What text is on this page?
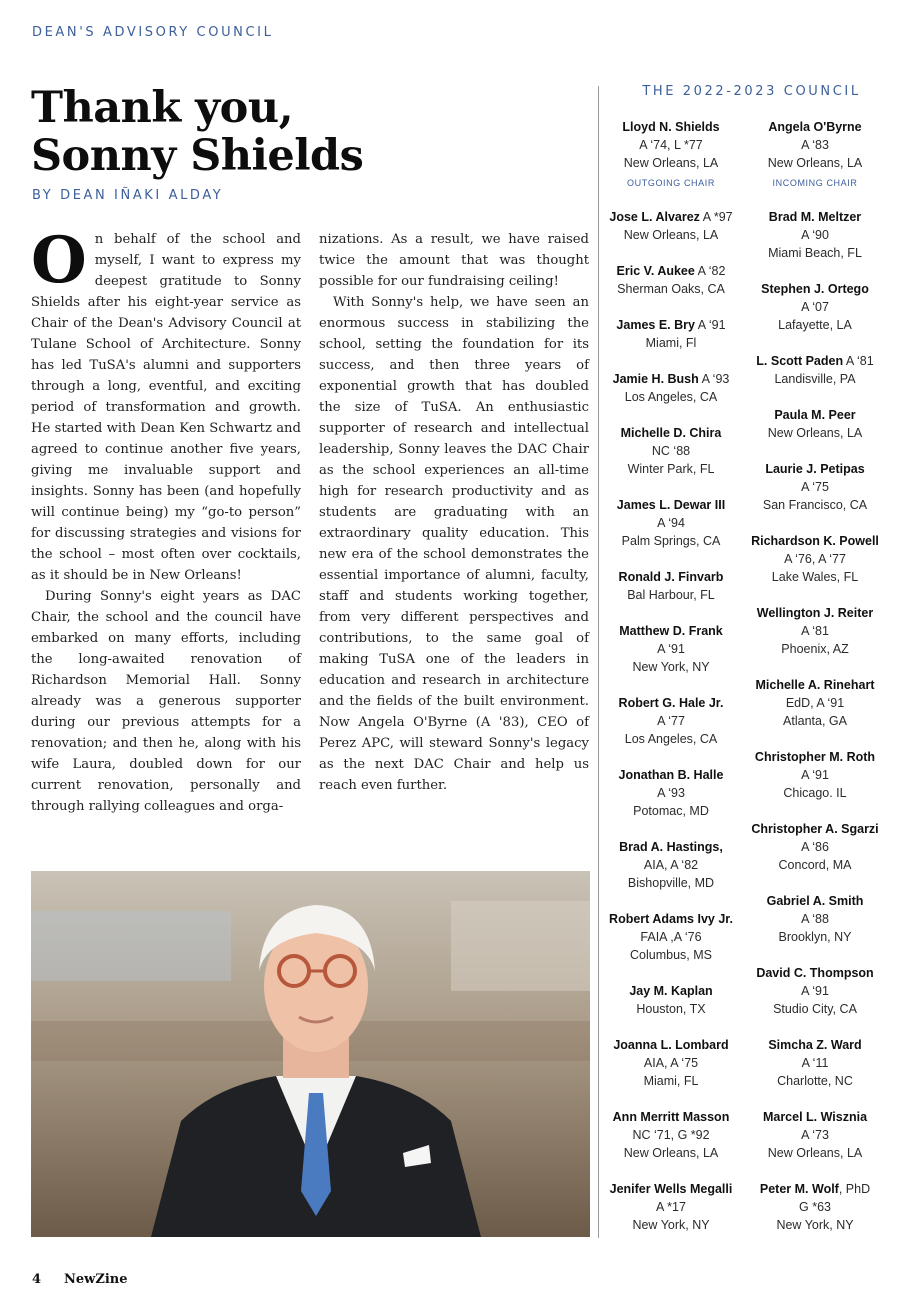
DEAN'S ADVISORY COUNCIL
Thank you,
Sonny Shields
BY DEAN IÑAKI ALDAY

On behalf of the school and myself, I want to express my deepest gratitude to Sonny Shields after his eight-year service as Chair of the Dean's Advisory Council at Tulane School of Architecture. Sonny has led TuSA's alumni and supporters through a long, eventful, and exciting period of transformation and growth. He started with Dean Ken Schwartz and agreed to continue another five years, giving me invaluable support and insights. Sonny has been (and hopefully will continue being) my “go-to person” for discussing strategies and visions for the school – most often over cocktails, as it should be in New Orleans!

During Sonny's eight years as DAC Chair, the school and the council have embarked on many efforts, including the long-awaited renovation of Richardson Memorial Hall. Sonny already was a generous supporter during our previous attempts for a renovation; and then he, along with his wife Laura, doubled down for our current renovation, personally and through rallying colleagues and orga-

nizations. As a result, we have raised twice the amount that was thought possible for our fundraising ceiling!

With Sonny's help, we have seen an enormous success in stabilizing the school, setting the foundation for its success, and then three years of exponential growth that has doubled the size of TuSA. An enthusiastic supporter of research and intellectual leadership, Sonny leaves the DAC Chair as the school experiences an all-time high for research productivity and as students are graduating with an extraordinary quality education. This new era of the school demonstrates the essential importance of alumni, faculty, staff and students working together, from very different perspectives and contributions, to the same goal of making TuSA one of the leaders in education and research in architecture and the fields of the built environment. Now Angela O'Byrne (A '83), CEO of Perez APC, will steward Sonny's legacy as the next DAC Chair and help us reach even further.

THE 2022-2023 COUNCIL
Lloyd N. Shields
A ‘74, L *77
New Orleans, LA
OUTGOING CHAIR
Jose L. Alvarez A *97
New Orleans, LA
Eric V. Aukee A ‘82
Sherman Oaks, CA
James E. Bry A ‘91
Miami, Fl
Jamie H. Bush A ‘93
Los Angeles, CA
Michelle D. Chira
NC ‘88
Winter Park, FL
James L. Dewar III
A ‘94
Palm Springs, CA
Ronald J. Finvarb
Bal Harbour, FL
Matthew D. Frank
A ‘91
New York, NY
Robert G. Hale Jr.
A ‘77
Los Angeles, CA
Jonathan B. Halle
A ‘93
Potomac, MD
Brad A. Hastings,
AIA, A ‘82
Bishopville, MD
Robert Adams Ivy Jr.
FAIA ,A ‘76
Columbus, MS
Jay M. Kaplan
Houston, TX
Joanna L. Lombard
AIA, A ‘75
Miami, FL
Ann Merritt Masson
NC ‘71, G *92
New Orleans, LA
Jenifer Wells Megalli
A *17
New York, NY
Angela O'Byrne
A ‘83
New Orleans, LA
INCOMING CHAIR
Brad M. Meltzer
A ‘90
Miami Beach, FL
Stephen J. Ortego
A ‘07
Lafayette, LA
L. Scott Paden A ‘81
Landisville, PA
Paula M. Peer
New Orleans, LA
Laurie J. Petipas
A ‘75
San Francisco, CA
Richardson K. Powell
A ‘76, A ‘77
Lake Wales, FL
Wellington J. Reiter
A ‘81
Phoenix, AZ
Michelle A. Rinehart
EdD, A ‘91
Atlanta, GA
Christopher M. Roth
A ‘91
Chicago. IL
Christopher A. Sgarzi
A ‘86
Concord, MA
Gabriel A. Smith
A ‘88
Brooklyn, NY
David C. Thompson
A ‘91
Studio City, CA
Simcha Z. Ward
A ‘11
Charlotte, NC
Marcel L. Wisznia
A ‘73
New Orleans, LA
Peter M. Wolf, PhD
G *63
New York, NY
4 NewZine
